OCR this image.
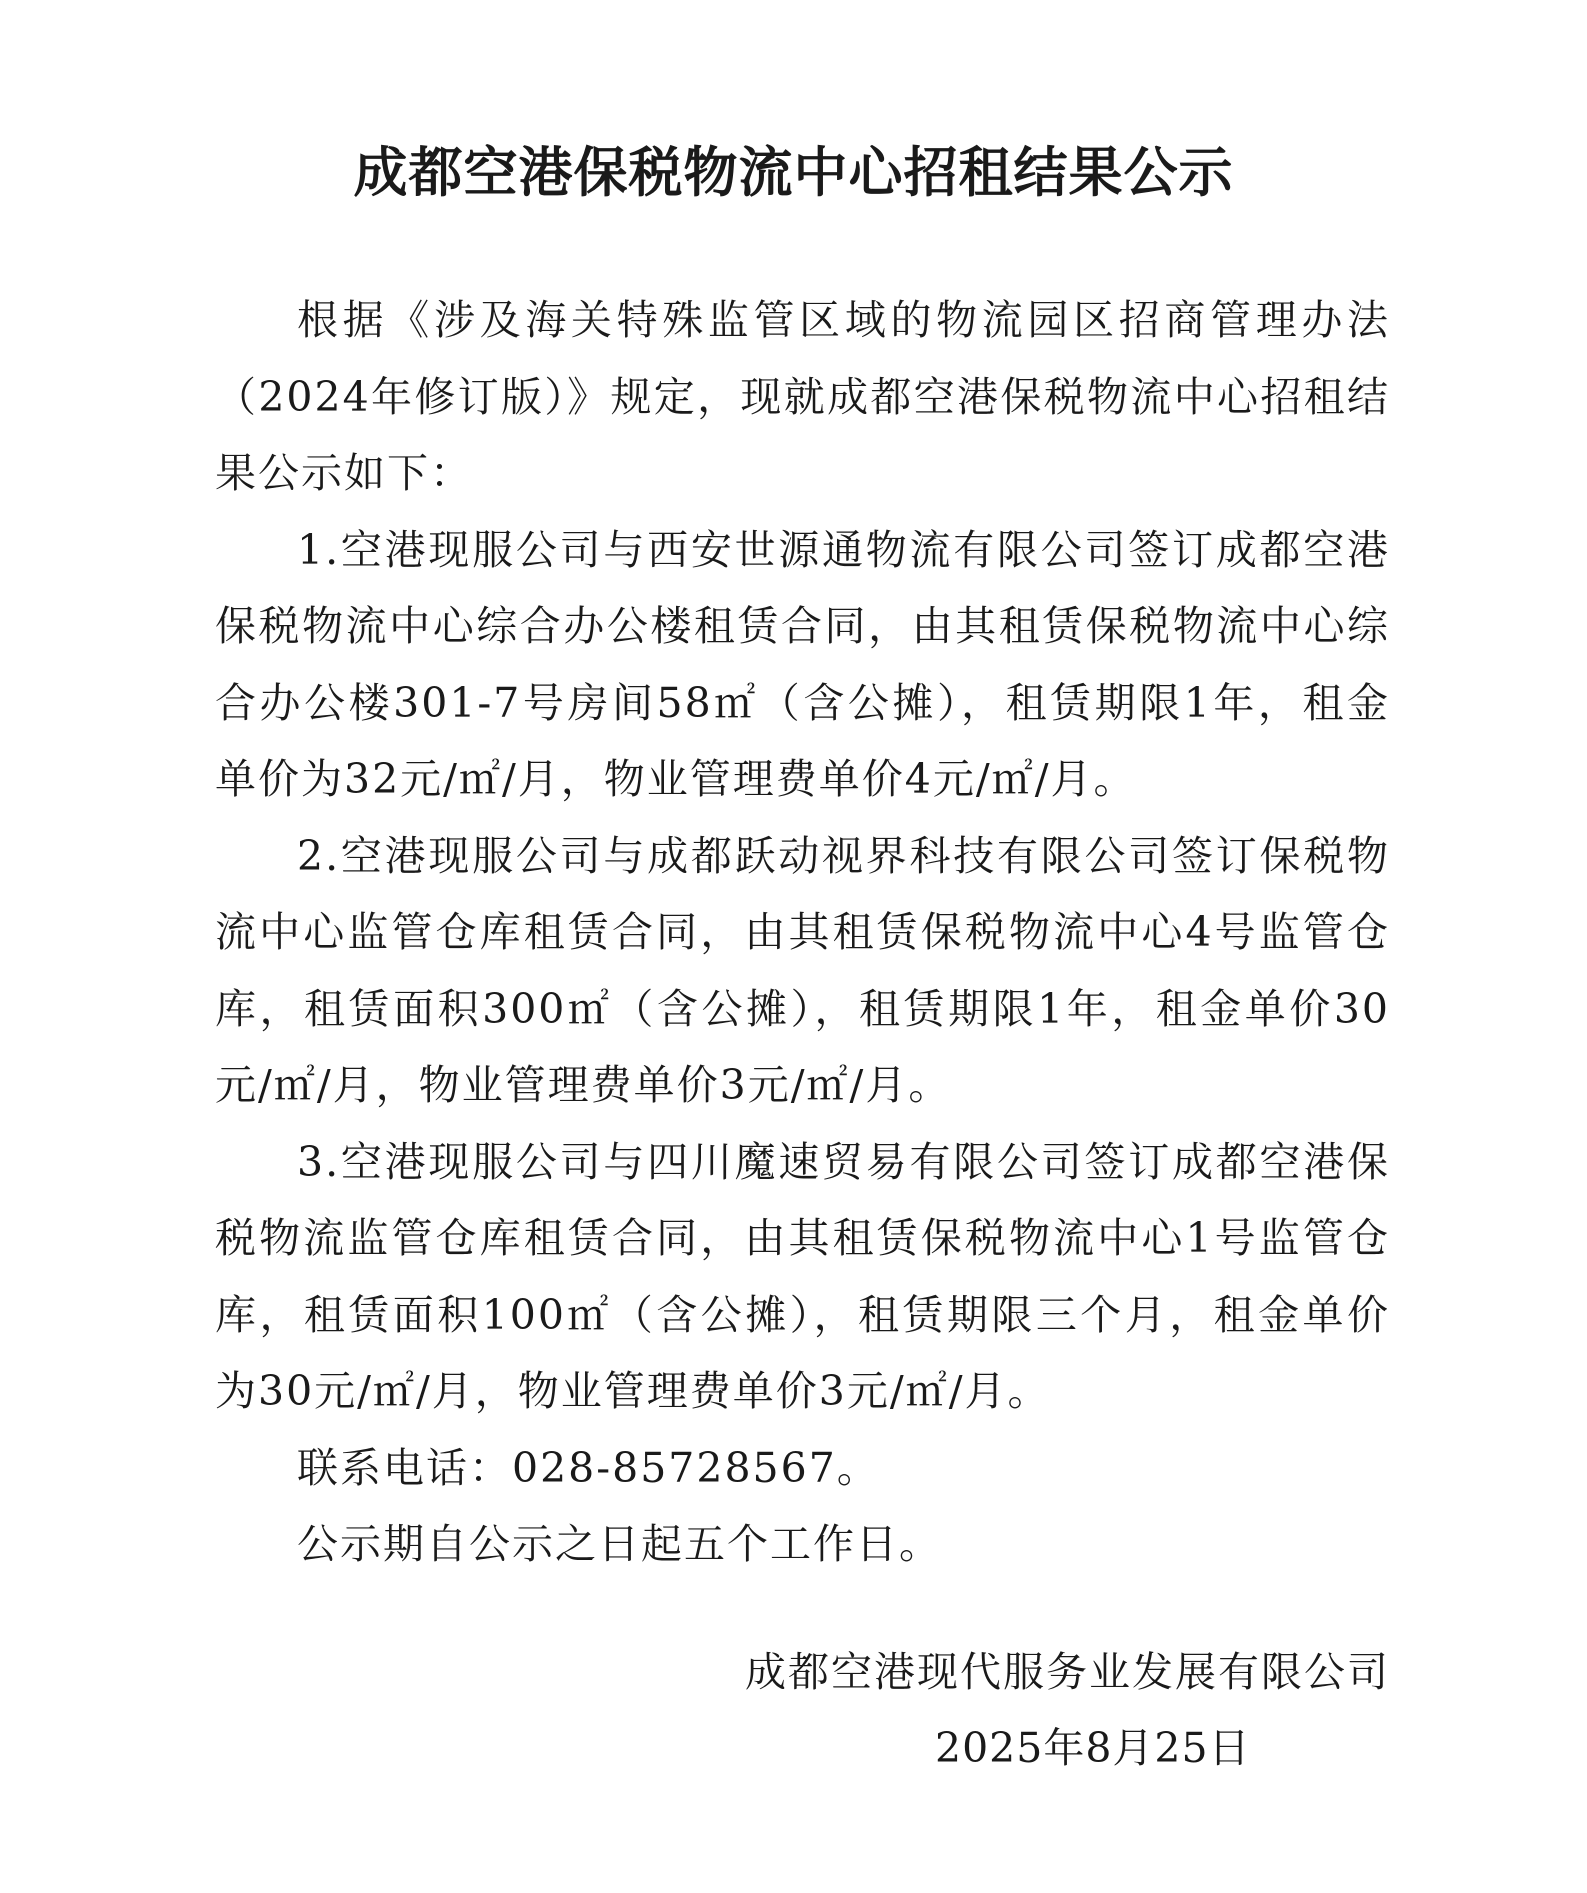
成都空港保税物流中心招租结果公示

根据《涉及海关特殊监管区域的物流园区招商管理办法（2024年修订版）》规定，现就成都空港保税物流中心招租结果公示如下：

1.空港现服公司与西安世源通物流有限公司签订成都空港保税物流中心综合办公楼租赁合同，由其租赁保税物流中心综合办公楼301-7号房间58㎡（含公摊），租赁期限1年，租金单价为32元/㎡/月，物业管理费单价4元/㎡/月。

2.空港现服公司与成都跃动视界科技有限公司签订保税物流中心监管仓库租赁合同，由其租赁保税物流中心4号监管仓库，租赁面积300㎡（含公摊），租赁期限1年，租金单价30元/㎡/月，物业管理费单价3元/㎡/月。

3.空港现服公司与四川魔速贸易有限公司签订成都空港保税物流监管仓库租赁合同，由其租赁保税物流中心1号监管仓库，租赁面积100㎡（含公摊），租赁期限三个月，租金单价为30元/㎡/月，物业管理费单价3元/㎡/月。

联系电话：028-85728567。

公示期自公示之日起五个工作日。

成都空港现代服务业发展有限公司
2025年8月25日
